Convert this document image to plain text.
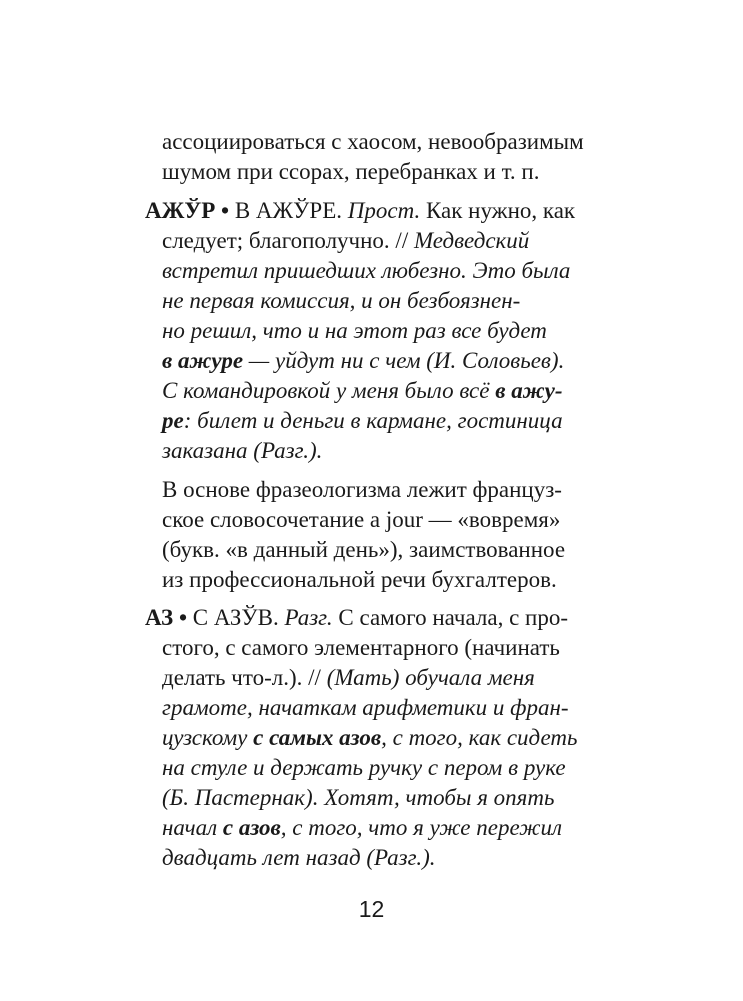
ассоциироваться с хаосом, невообразимым
шумом при ссорах, перебранках и т. п.
АЖЎР • В АЖЎРЕ. Прост. Как нужно, как
следует; благополучно. // Медведский
встретил пришедших любезно. Это была
не первая комиссия, и он безбоязнен-
но решил, что и на этот раз все будет
в ажуре — уйдут ни с чем (И. Соловьев).
С командировкой у меня было всё в ажу-
ре: билет и деньги в кармане, гостиница
заказана (Разг.).
В основе фразеологизма лежит француз-
ское словосочетание a jour — «вовремя»
(букв. «в данный день»), заимствованное
из профессиональной речи бухгалтеров.
АЗ • С АЗЎВ. Разг. С самого начала, с про-
стого, с самого элементарного (начинать
делать что-л.). // (Мать) обучала меня
грамоте, начаткам арифметики и фран-
цузскому с самых азов, с того, как сидеть
на стуле и держать ручку с пером в руке
(Б. Пастернак). Хотят, чтобы я опять
начал с азов, с того, что я уже пережил
двадцать лет назад (Разг.).
12
